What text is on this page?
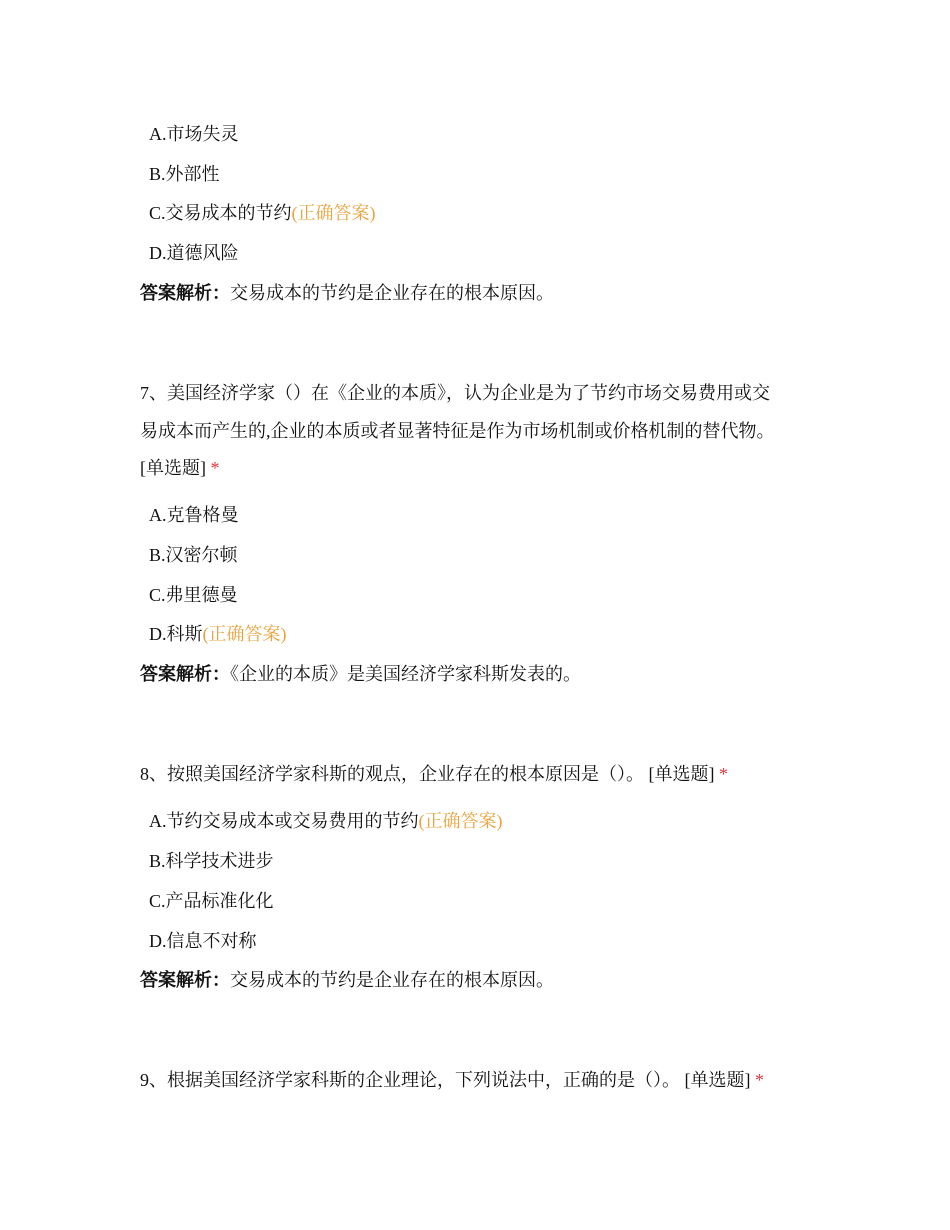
A.市场失灵
B.外部性
C.交易成本的节约(正确答案)
D.道德风险
答案解析：交易成本的节约是企业存在的根本原因。
7、美国经济学家（）在《企业的本质》，认为企业是为了节约市场交易费用或交
易成本而产生的,企业的本质或者显著特征是作为市场机制或价格机制的替代物。
[单选题] *
A.克鲁格曼
B.汉密尔顿
C.弗里德曼
D.科斯(正确答案)
答案解析：《企业的本质》是美国经济学家科斯发表的。
8、按照美国经济学家科斯的观点，企业存在的根本原因是（）。 [单选题] *
A.节约交易成本或交易费用的节约(正确答案)
B.科学技术进步
C.产品标准化化
D.信息不对称
答案解析：交易成本的节约是企业存在的根本原因。
9、根据美国经济学家科斯的企业理论，下列说法中，正确的是（）。 [单选题] *
